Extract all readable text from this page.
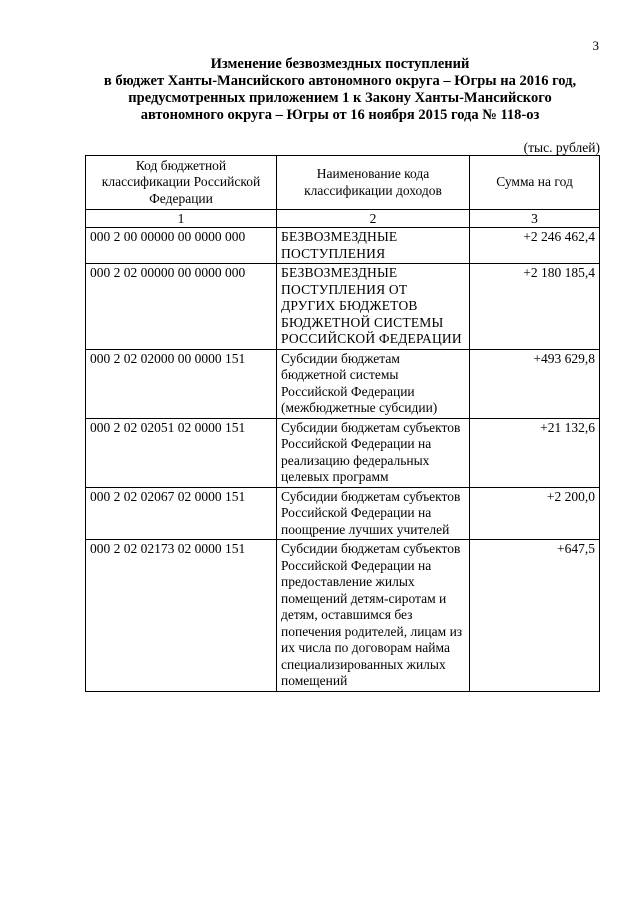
3
Изменение безвозмездных поступлений
в бюджет Ханты-Мансийского автономного округа – Югры на 2016 год,
предусмотренных приложением 1 к Закону Ханты-Мансийского
автономного округа – Югры от 16 ноября 2015 года № 118-оз
(тыс. рублей)
Код бюджетной классификации Российской Федерации	Наименование кода классификации доходов	Сумма на год
1	2	3
000 2 00 00000 00 0000 000	БЕЗВОЗМЕЗДНЫЕ ПОСТУПЛЕНИЯ	+2 246 462,4
000 2 02 00000 00 0000 000	БЕЗВОЗМЕЗДНЫЕ ПОСТУПЛЕНИЯ ОТ ДРУГИХ БЮДЖЕТОВ БЮДЖЕТНОЙ СИСТЕМЫ РОССИЙСКОЙ ФЕДЕРАЦИИ	+2 180 185,4
000 2 02 02000 00 0000 151	Субсидии бюджетам бюджетной системы Российской Федерации (межбюджетные субсидии)	+493 629,8
000 2 02 02051 02 0000 151	Субсидии бюджетам субъектов Российской Федерации на реализацию федеральных целевых программ	+21 132,6
000 2 02 02067 02 0000 151	Субсидии бюджетам субъектов Российской Федерации на поощрение лучших учителей	+2 200,0
000 2 02 02173 02 0000 151	Субсидии бюджетам субъектов Российской Федерации на предоставление жилых помещений детям-сиротам и детям, оставшимся без попечения родителей, лицам из их числа по договорам найма специализированных жилых помещений	+647,5
